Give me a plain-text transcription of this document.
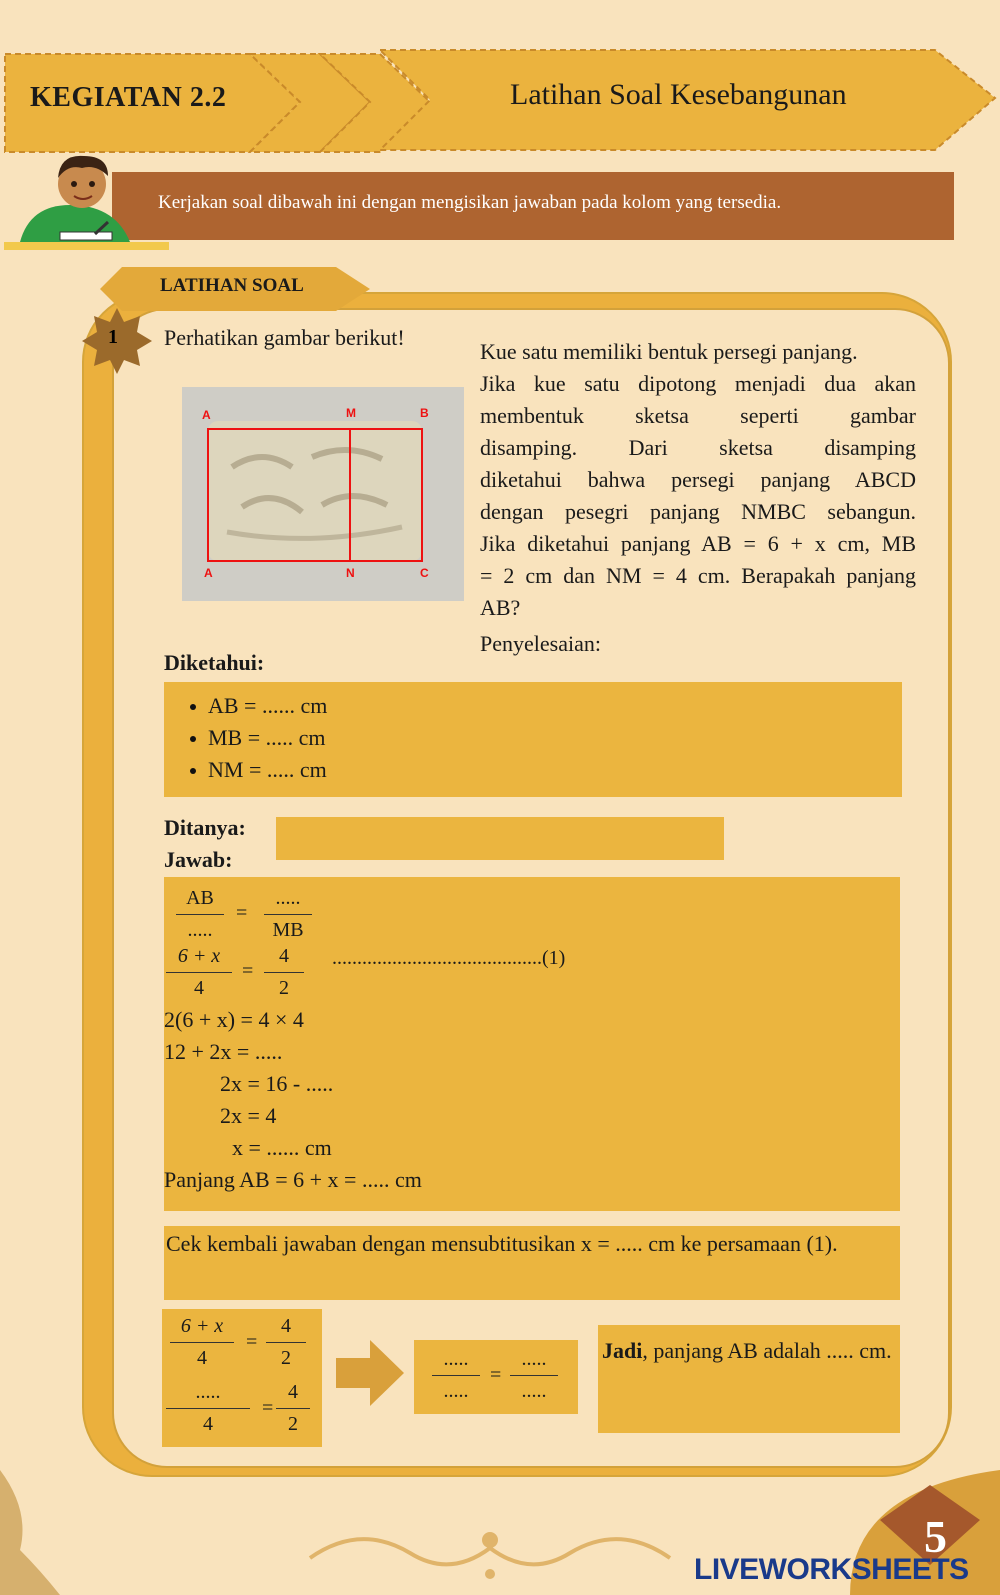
KEGIATAN 2.2	Latihan Soal Kesebangunan
Kerjakan soal dibawah ini dengan mengisikan jawaban pada kolom yang tersedia.
LATIHAN SOAL
1 Perhatikan gambar berikut!
A	M	B
A	N	C
Kue satu memiliki bentuk persegi panjang.
Jika kue satu dipotong menjadi dua akan
membentuk sketsa seperti gambar
disamping. Dari sketsa disamping
diketahui bahwa persegi panjang ABCD
dengan pesegri panjang NMBC sebangun.
Jika diketahui panjang AB = 6 + x cm, MB
= 2 cm dan NM = 4 cm. Berapakah panjang
AB?
Penyelesaian:
Diketahui:
AB = ...... cm
MB = ..... cm
NM = ..... cm
Ditanya:
Jawab:
AB
.....
=
.....
MB
6 + x
4
=
4
2
..........................................(1)
2(6 + x) = 4 × 4
12 + 2x = .....
2x = 16 - .....
2x = 4
x = ...... cm
Panjang AB = 6 + x = ..... cm
Cek kembali jawaban dengan mensubtitusikan x = ..... cm ke persamaan (1).
6 + x
4
=
4
2
.....
4
=
4
2
.....
.....
=
.....
.....
Jadi, panjang AB adalah ..... cm.
5
LIVEWORKSHEETS
